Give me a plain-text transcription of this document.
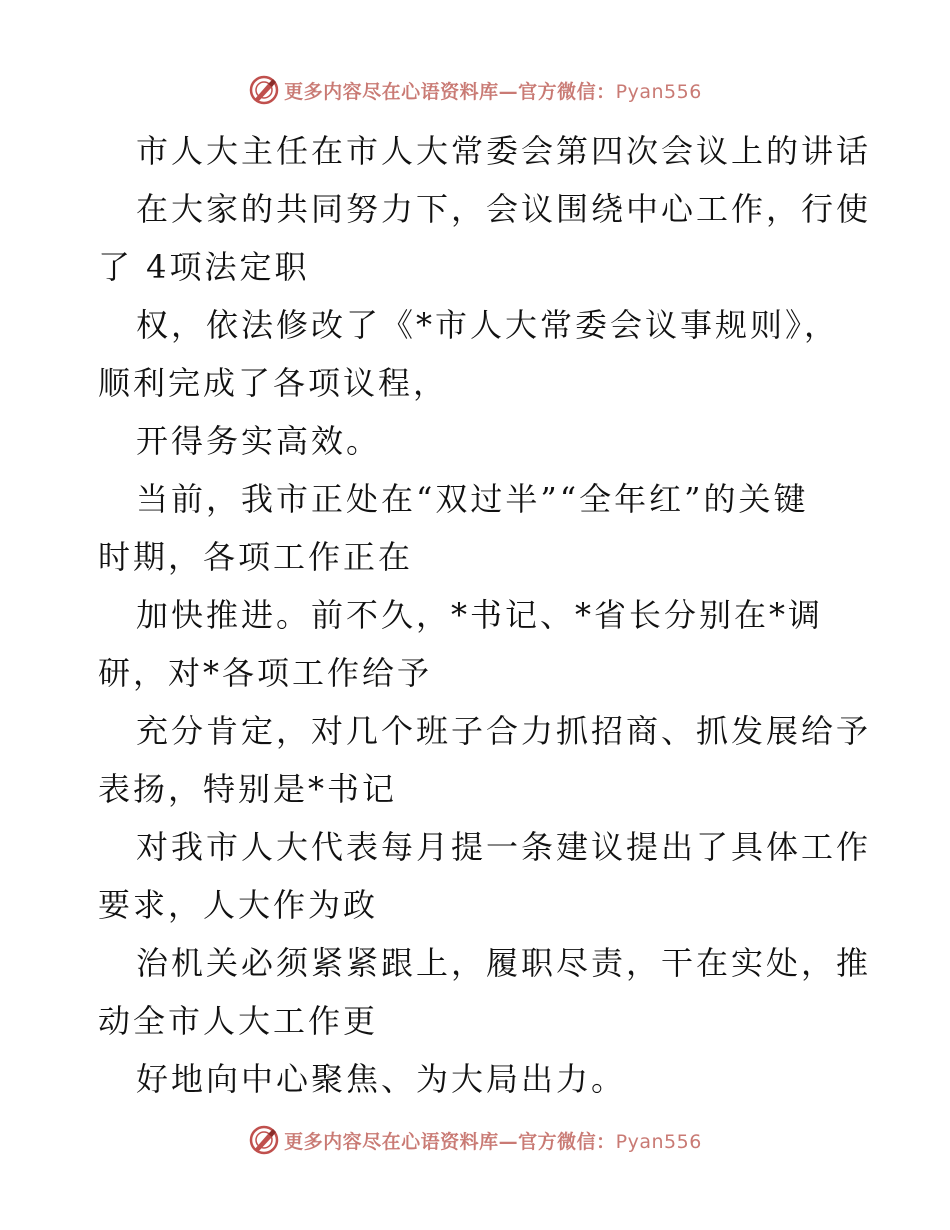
更多内容尽在心语资料库—官方微信：Pyan556
市人大主任在市人大常委会第四次会议上的讲话
在大家的共同努力下，会议围绕中心工作，行使
了 4项法定职
权，依法修改了《*市人大常委会议事规则》，
顺利完成了各项议程，
开得务实高效。
当前，我市正处在“双过半”“全年红”的关键
时期，各项工作正在
加快推进。前不久，*书记、*省长分别在*调
研，对*各项工作给予
充分肯定，对几个班子合力抓招商、抓发展给予
表扬，特别是*书记
对我市人大代表每月提一条建议提出了具体工作
要求，人大作为政
治机关必须紧紧跟上，履职尽责，干在实处，推
动全市人大工作更
好地向中心聚焦、为大局出力。
更多内容尽在心语资料库—官方微信：Pyan556
